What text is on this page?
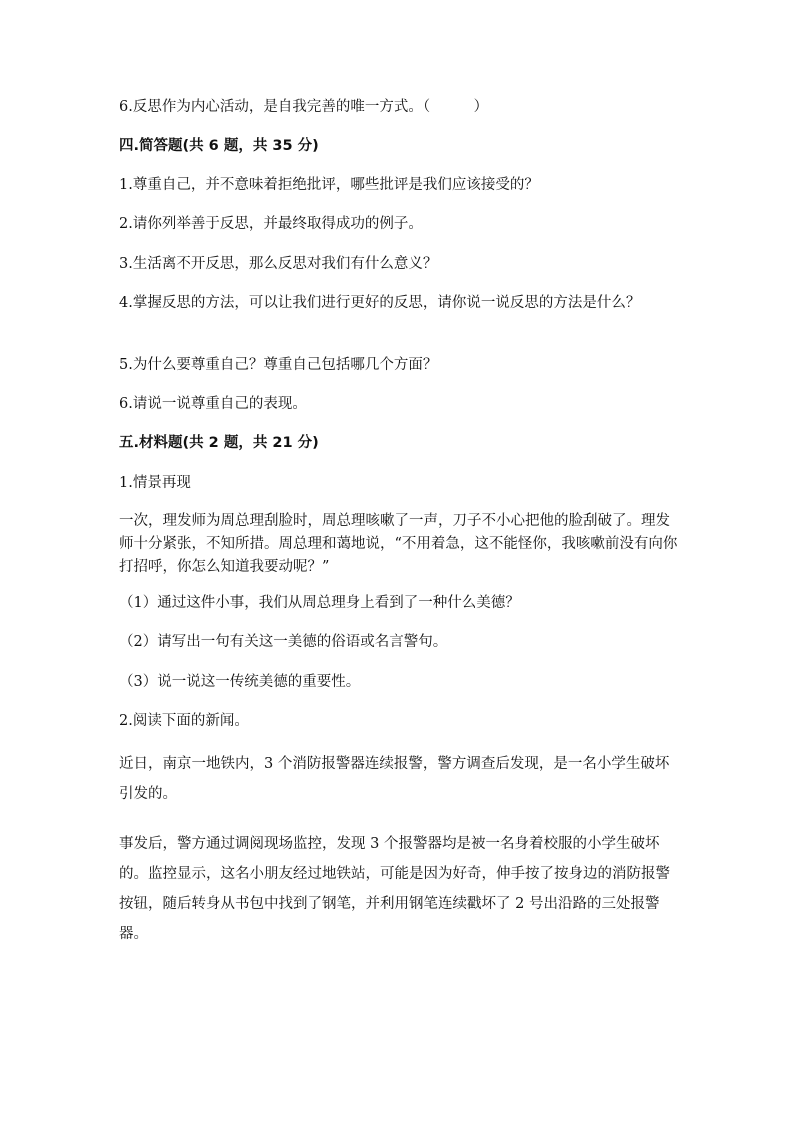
6.反思作为内心活动，是自我完善的唯一方式。（　　　）
四.简答题(共 6 题，共 35 分)
1.尊重自己，并不意味着拒绝批评，哪些批评是我们应该接受的？
2.请你列举善于反思，并最终取得成功的例子。
3.生活离不开反思，那么反思对我们有什么意义？
4.掌握反思的方法，可以让我们进行更好的反思，请你说一说反思的方法是什么？
5.为什么要尊重自己？尊重自己包括哪几个方面？
6.请说一说尊重自己的表现。
五.材料题(共 2 题，共 21 分)
1.情景再现
一次，理发师为周总理刮脸时，周总理咳嗽了一声，刀子不小心把他的脸刮破了。理发师十分紧张，不知所措。周总理和蔼地说，“不用着急，这不能怪你，我咳嗽前没有向你打招呼，你怎么知道我要动呢？”
（1）通过这件小事，我们从周总理身上看到了一种什么美德？
（2）请写出一句有关这一美德的俗语或名言警句。
（3）说一说这一传统美德的重要性。
2.阅读下面的新闻。
近日，南京一地铁内，3 个消防报警器连续报警，警方调查后发现，是一名小学生破坏引发的。
事发后，警方通过调阅现场监控，发现 3 个报警器均是被一名身着校服的小学生破坏的。监控显示，这名小朋友经过地铁站，可能是因为好奇，伸手按了按身边的消防报警按钮，随后转身从书包中找到了钢笔，并利用钢笔连续戳坏了 2 号出沿路的三处报警器。
